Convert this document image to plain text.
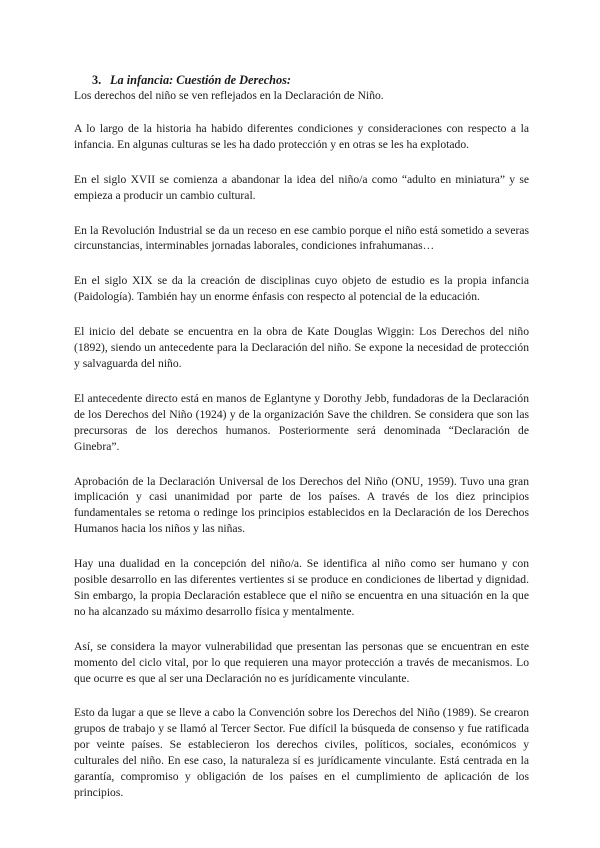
3. La infancia: Cuestión de Derechos:

Los derechos del niño se ven reflejados en la Declaración de Niño.

A lo largo de la historia ha habido diferentes condiciones y consideraciones con respecto a la infancia. En algunas culturas se les ha dado protección y en otras se les ha explotado.

En el siglo XVII se comienza a abandonar la idea del niño/a como “adulto en miniatura” y se empieza a producir un cambio cultural.

En la Revolución Industrial se da un receso en ese cambio porque el niño está sometido a severas circunstancias, interminables jornadas laborales, condiciones infrahumanas…

En el siglo XIX se da la creación de disciplinas cuyo objeto de estudio es la propia infancia (Paidología). También hay un enorme énfasis con respecto al potencial de la educación.

El inicio del debate se encuentra en la obra de Kate Douglas Wiggin: Los Derechos del niño (1892), siendo un antecedente para la Declaración del niño. Se expone la necesidad de protección y salvaguarda del niño.

El antecedente directo está en manos de Eglantyne y Dorothy Jebb, fundadoras de la Declaración de los Derechos del Niño (1924) y de la organización Save the children. Se considera que son las precursoras de los derechos humanos. Posteriormente será denominada “Declaración de Ginebra”.

Aprobación de la Declaración Universal de los Derechos del Niño (ONU, 1959). Tuvo una gran implicación y casi unanimidad por parte de los países. A través de los diez principios fundamentales se retoma o redinge los principios establecidos en la Declaración de los Derechos Humanos hacia los niños y las niñas.

Hay una dualidad en la concepción del niño/a. Se identifica al niño como ser humano y con posible desarrollo en las diferentes vertientes si se produce en condiciones de libertad y dignidad. Sin embargo, la propia Declaración establece que el niño se encuentra en una situación en la que no ha alcanzado su máximo desarrollo física y mentalmente.

Así, se considera la mayor vulnerabilidad que presentan las personas que se encuentran en este momento del ciclo vital, por lo que requieren una mayor protección a través de mecanismos. Lo que ocurre es que al ser una Declaración no es jurídicamente vinculante.

Esto da lugar a que se lleve a cabo la Convención sobre los Derechos del Niño (1989). Se crearon grupos de trabajo y se llamó al Tercer Sector. Fue difícil la búsqueda de consenso y fue ratificada por veinte países. Se establecieron los derechos civiles, políticos, sociales, económicos y culturales del niño. En ese caso, la naturaleza sí es jurídicamente vinculante. Está centrada en la garantía, compromiso y obligación de los países en el cumplimiento de aplicación de los principios.
